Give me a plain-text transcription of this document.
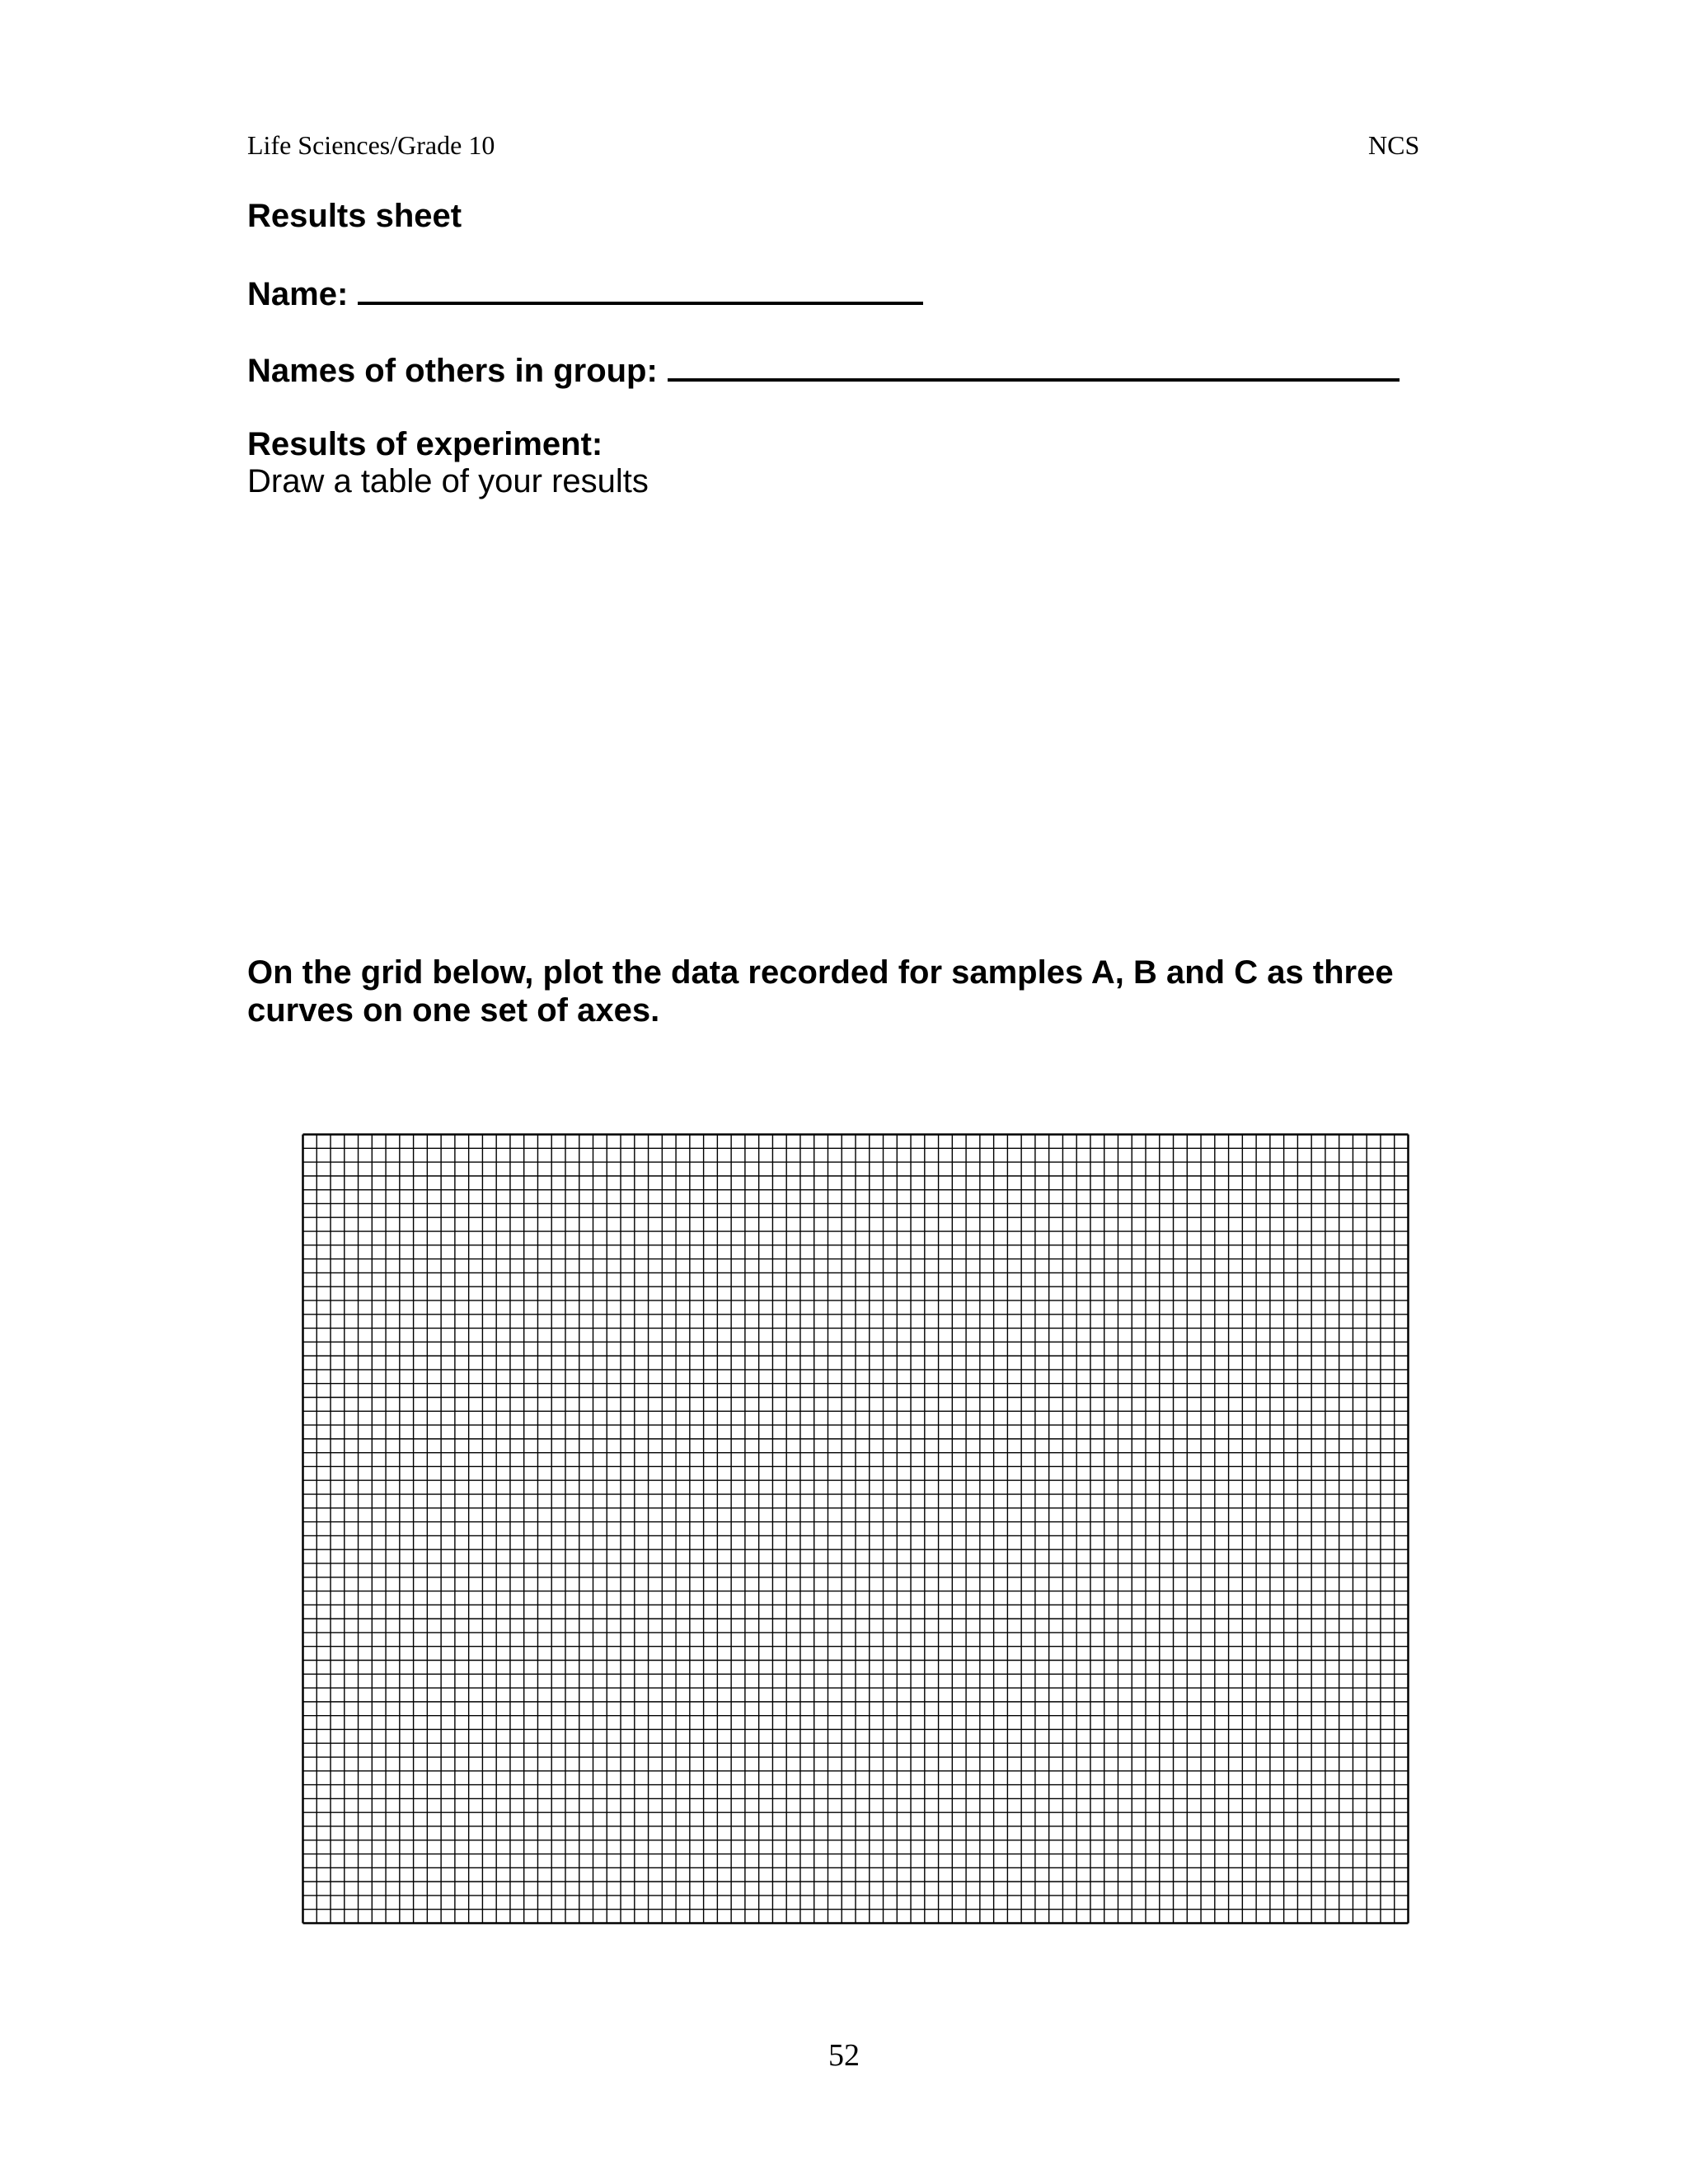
Life Sciences/Grade 10	NCS
Results sheet
Name:
Names of others in group:
Results of experiment:
Draw a table of your results
On the grid below, plot the data recorded for samples A, B and C as three curves on one set of axes.
52
